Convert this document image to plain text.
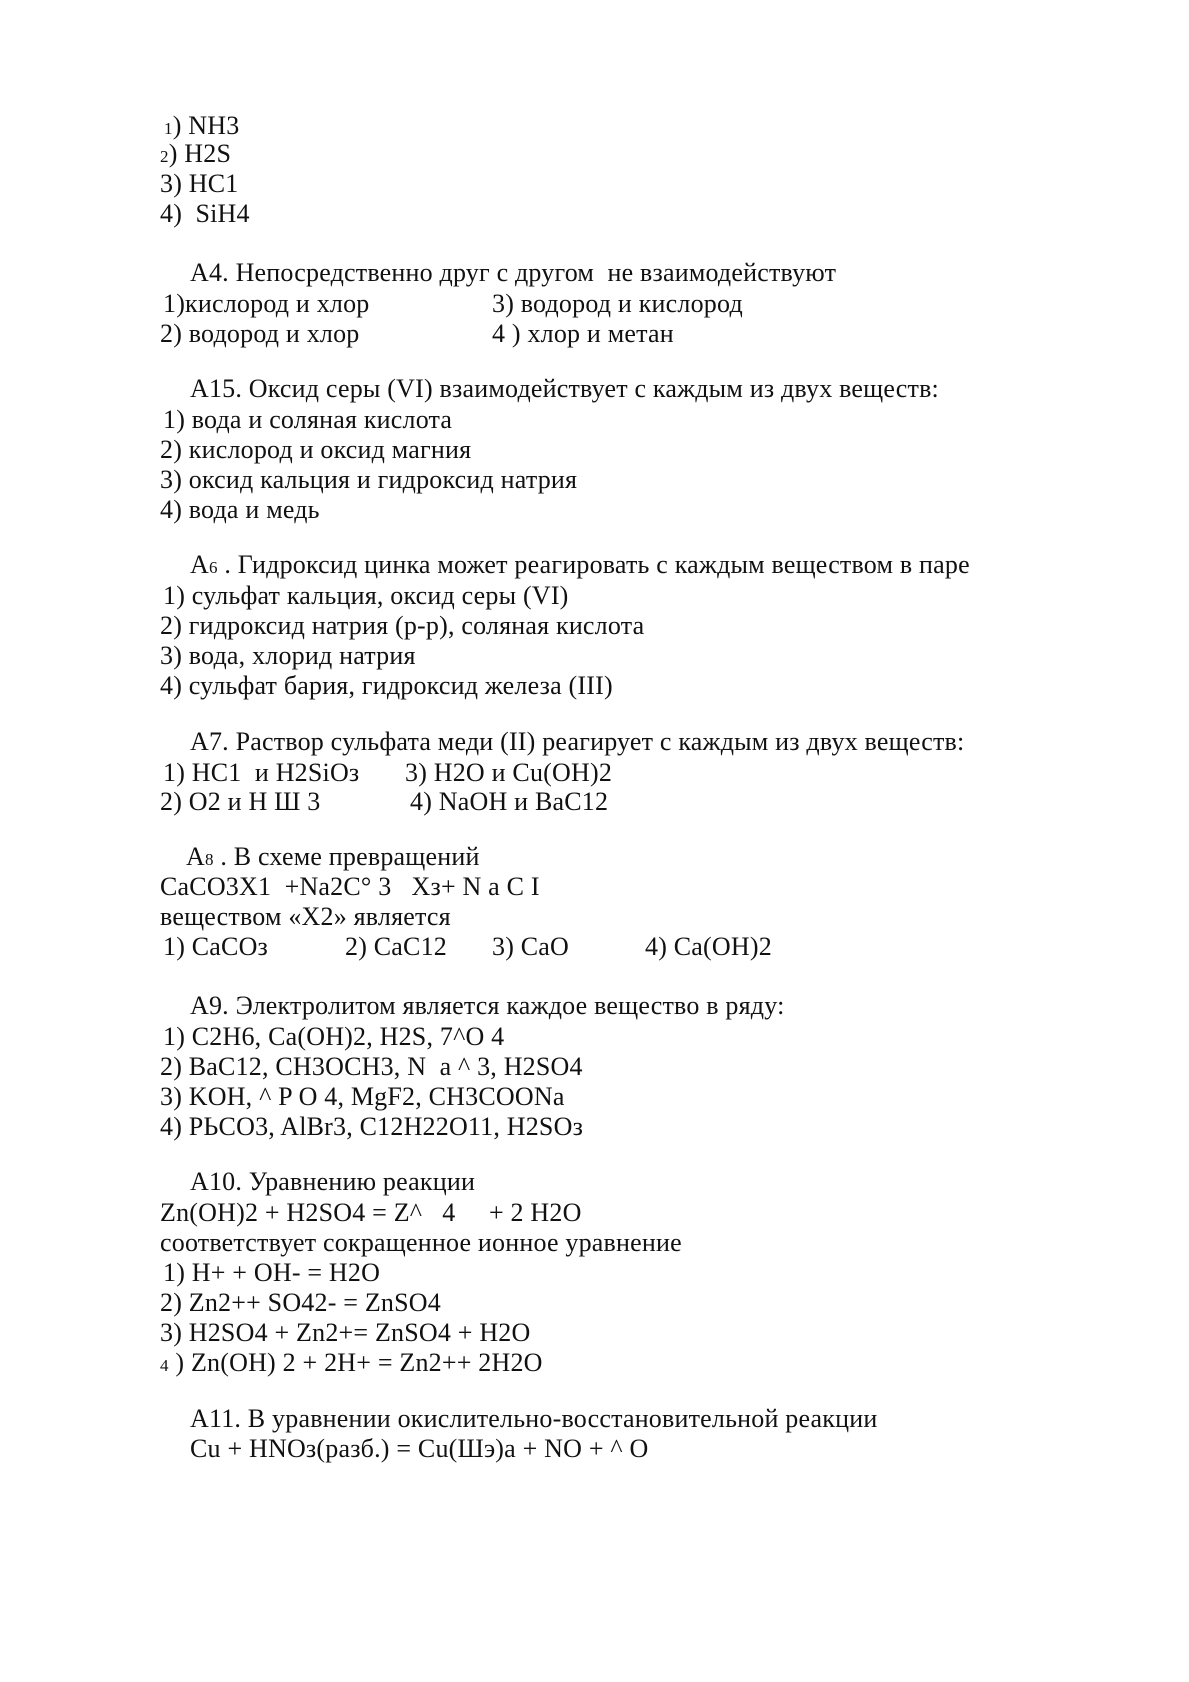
1) NH3
2) H2S
3) HC1
4)  SiH4
А4. Непосредственно друг с другом  не взаимодействуют
1)кислород и хлор	3) водород и кислород
2) водород и хлор	4 ) хлор и метан
А15. Оксид серы (VI) взаимодействует с каждым из двух веществ:
1) вода и соляная кислота
2) кислород и оксид магния
3) оксид кальция и гидроксид натрия
4) вода и медь
А6 . Гидроксид цинка может реагировать с каждым веществом в паре
1) сульфат кальция, оксид серы (VI)
2) гидроксид натрия (р-р), соляная кислота
3) вода, хлорид натрия
4) сульфат бария, гидроксид железа (III)
А7. Раствор сульфата меди (II) реагирует с каждым из двух веществ:
1) HC1  и H2SiOз 3) H2O и Cu(OH)2
2) O2 и H Ш 3	4) NaOH и BaC12
А8 . В схеме превращений
CaCO3X1  +Na2C° 3   Xз+ N a C I
веществом «X2» является
1) CaCOз	2) CaC12 3) CaO	4) Ca(OH)2
А9. Электролитом является каждое вещество в ряду:
1) C2H6, Ca(OH)2, H2S, 7^O 4
2) BaC12, CH3OCH3, N  a ^ 3, H2SO4
3) KOH, ^ P O 4, MgF2, CH3COONa
4) PЬCO3, AlBr3, C12H22O11, H2SOз
А10. Уравнению реакции
Zn(OH)2 + H2SO4 = Z^   4     + 2 H2O
соответствует сокращенное ионное уравнение
1) H+ + OH- = H2O
2) Zn2++ SO42- = ZnSO4
3) H2SO4 + Zn2+= ZnSO4 + H2O
4 ) Zn(OH) 2 + 2H+ = Zn2++ 2H2O
А11. В уравнении окислительно-восстановительной реакции
Cu + HNOз(разб.) = Cu(Шэ)a + NO + ^ O
